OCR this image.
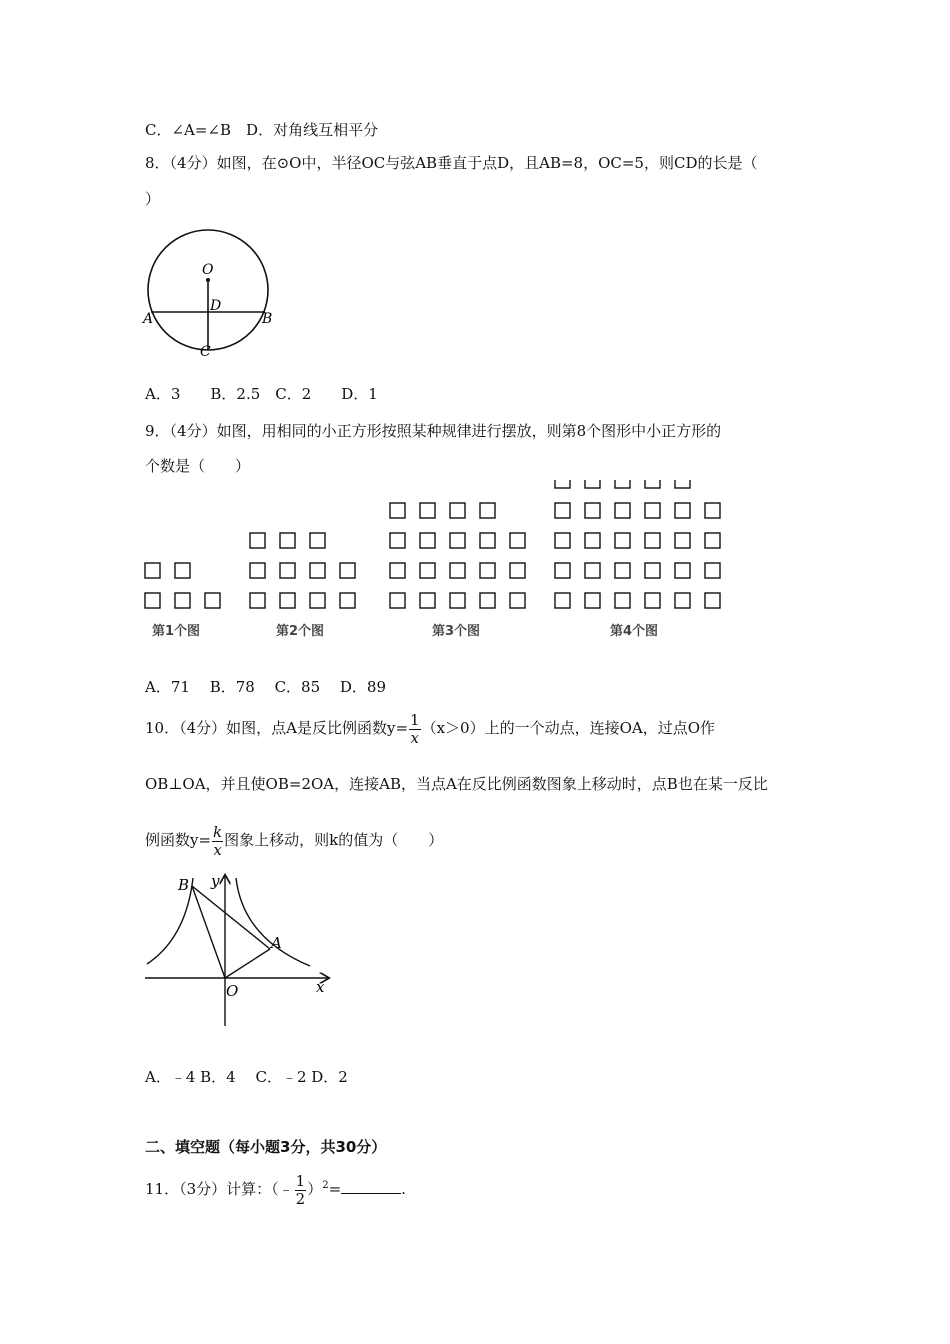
C．∠A=∠B　D．对角线互相平分
8．（4分）如图，在⊙O中，半径OC与弦AB垂直于点D，且AB=8，OC=5，则CD的长是（
）
O
D
A	B
C
A．3　　B．2.5　C．2　　D．1
9．（4分）如图，用相同的小正方形按照某种规律进行摆放，则第8个图形中小正方形的
个数是（　　）
第1个图	第2个图	第3个图	第4个图
A．71　 B．78　 C．85　 D．89
10．（4分）如图，点A是反比例函数$y= \frac{1}{x} (x>0)$上的一个动点，连接OA，过点O作
OB⊥OA，并且使OB=2OA，连接AB，当点A在反比例函数图象上移动时，点B也在某一反比
例函数$y= \frac{k}{x}$ 图象上移动，则k的值为（　　）
y
x
O
A
B
A．﹣4 B．4　 C．﹣2 D．2
二、填空题（每小题3分，共30分）
11．（3分）计算：（﹣ $\frac{1}{2} )^2=$	.
